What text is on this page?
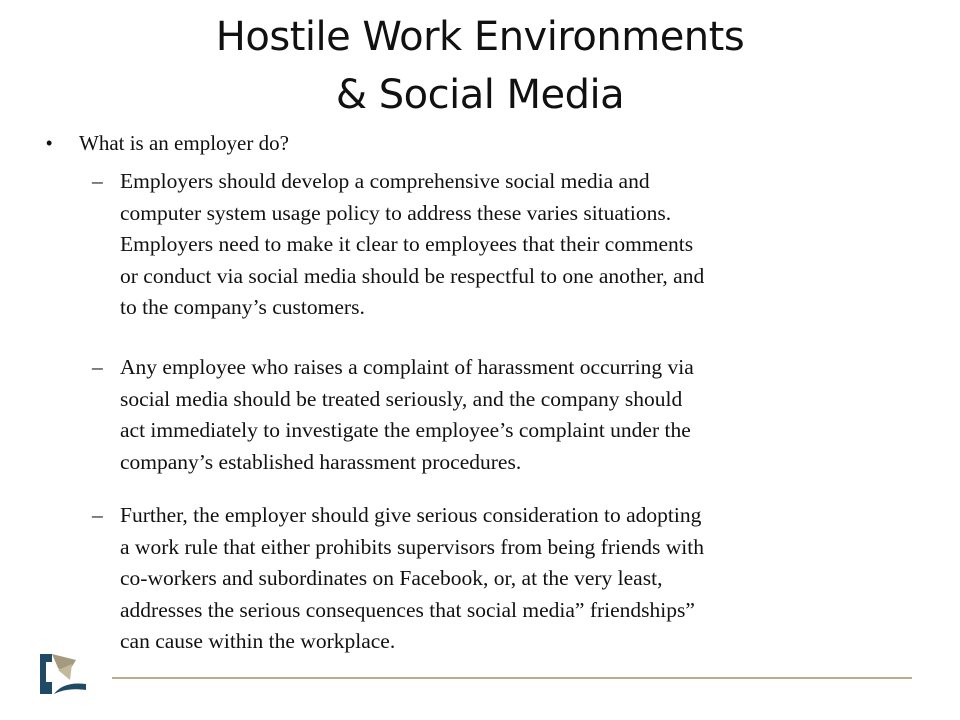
Hostile Work Environments
& Social Media
• What is an employer do?
– Employers should develop a comprehensive social media and
computer system usage policy to address these varies situations.
Employers need to make it clear to employees that their comments
or conduct via social media should be respectful to one another, and
to the company’s customers.
– Any employee who raises a complaint of harassment occurring via
social media should be treated seriously, and the company should
act immediately to investigate the employee’s complaint under the
company’s established harassment procedures.
– Further, the employer should give serious consideration to adopting
a work rule that either prohibits supervisors from being friends with
co-workers and subordinates on Facebook, or, at the very least,
addresses the serious consequences that social media” friendships”
can cause within the workplace.
